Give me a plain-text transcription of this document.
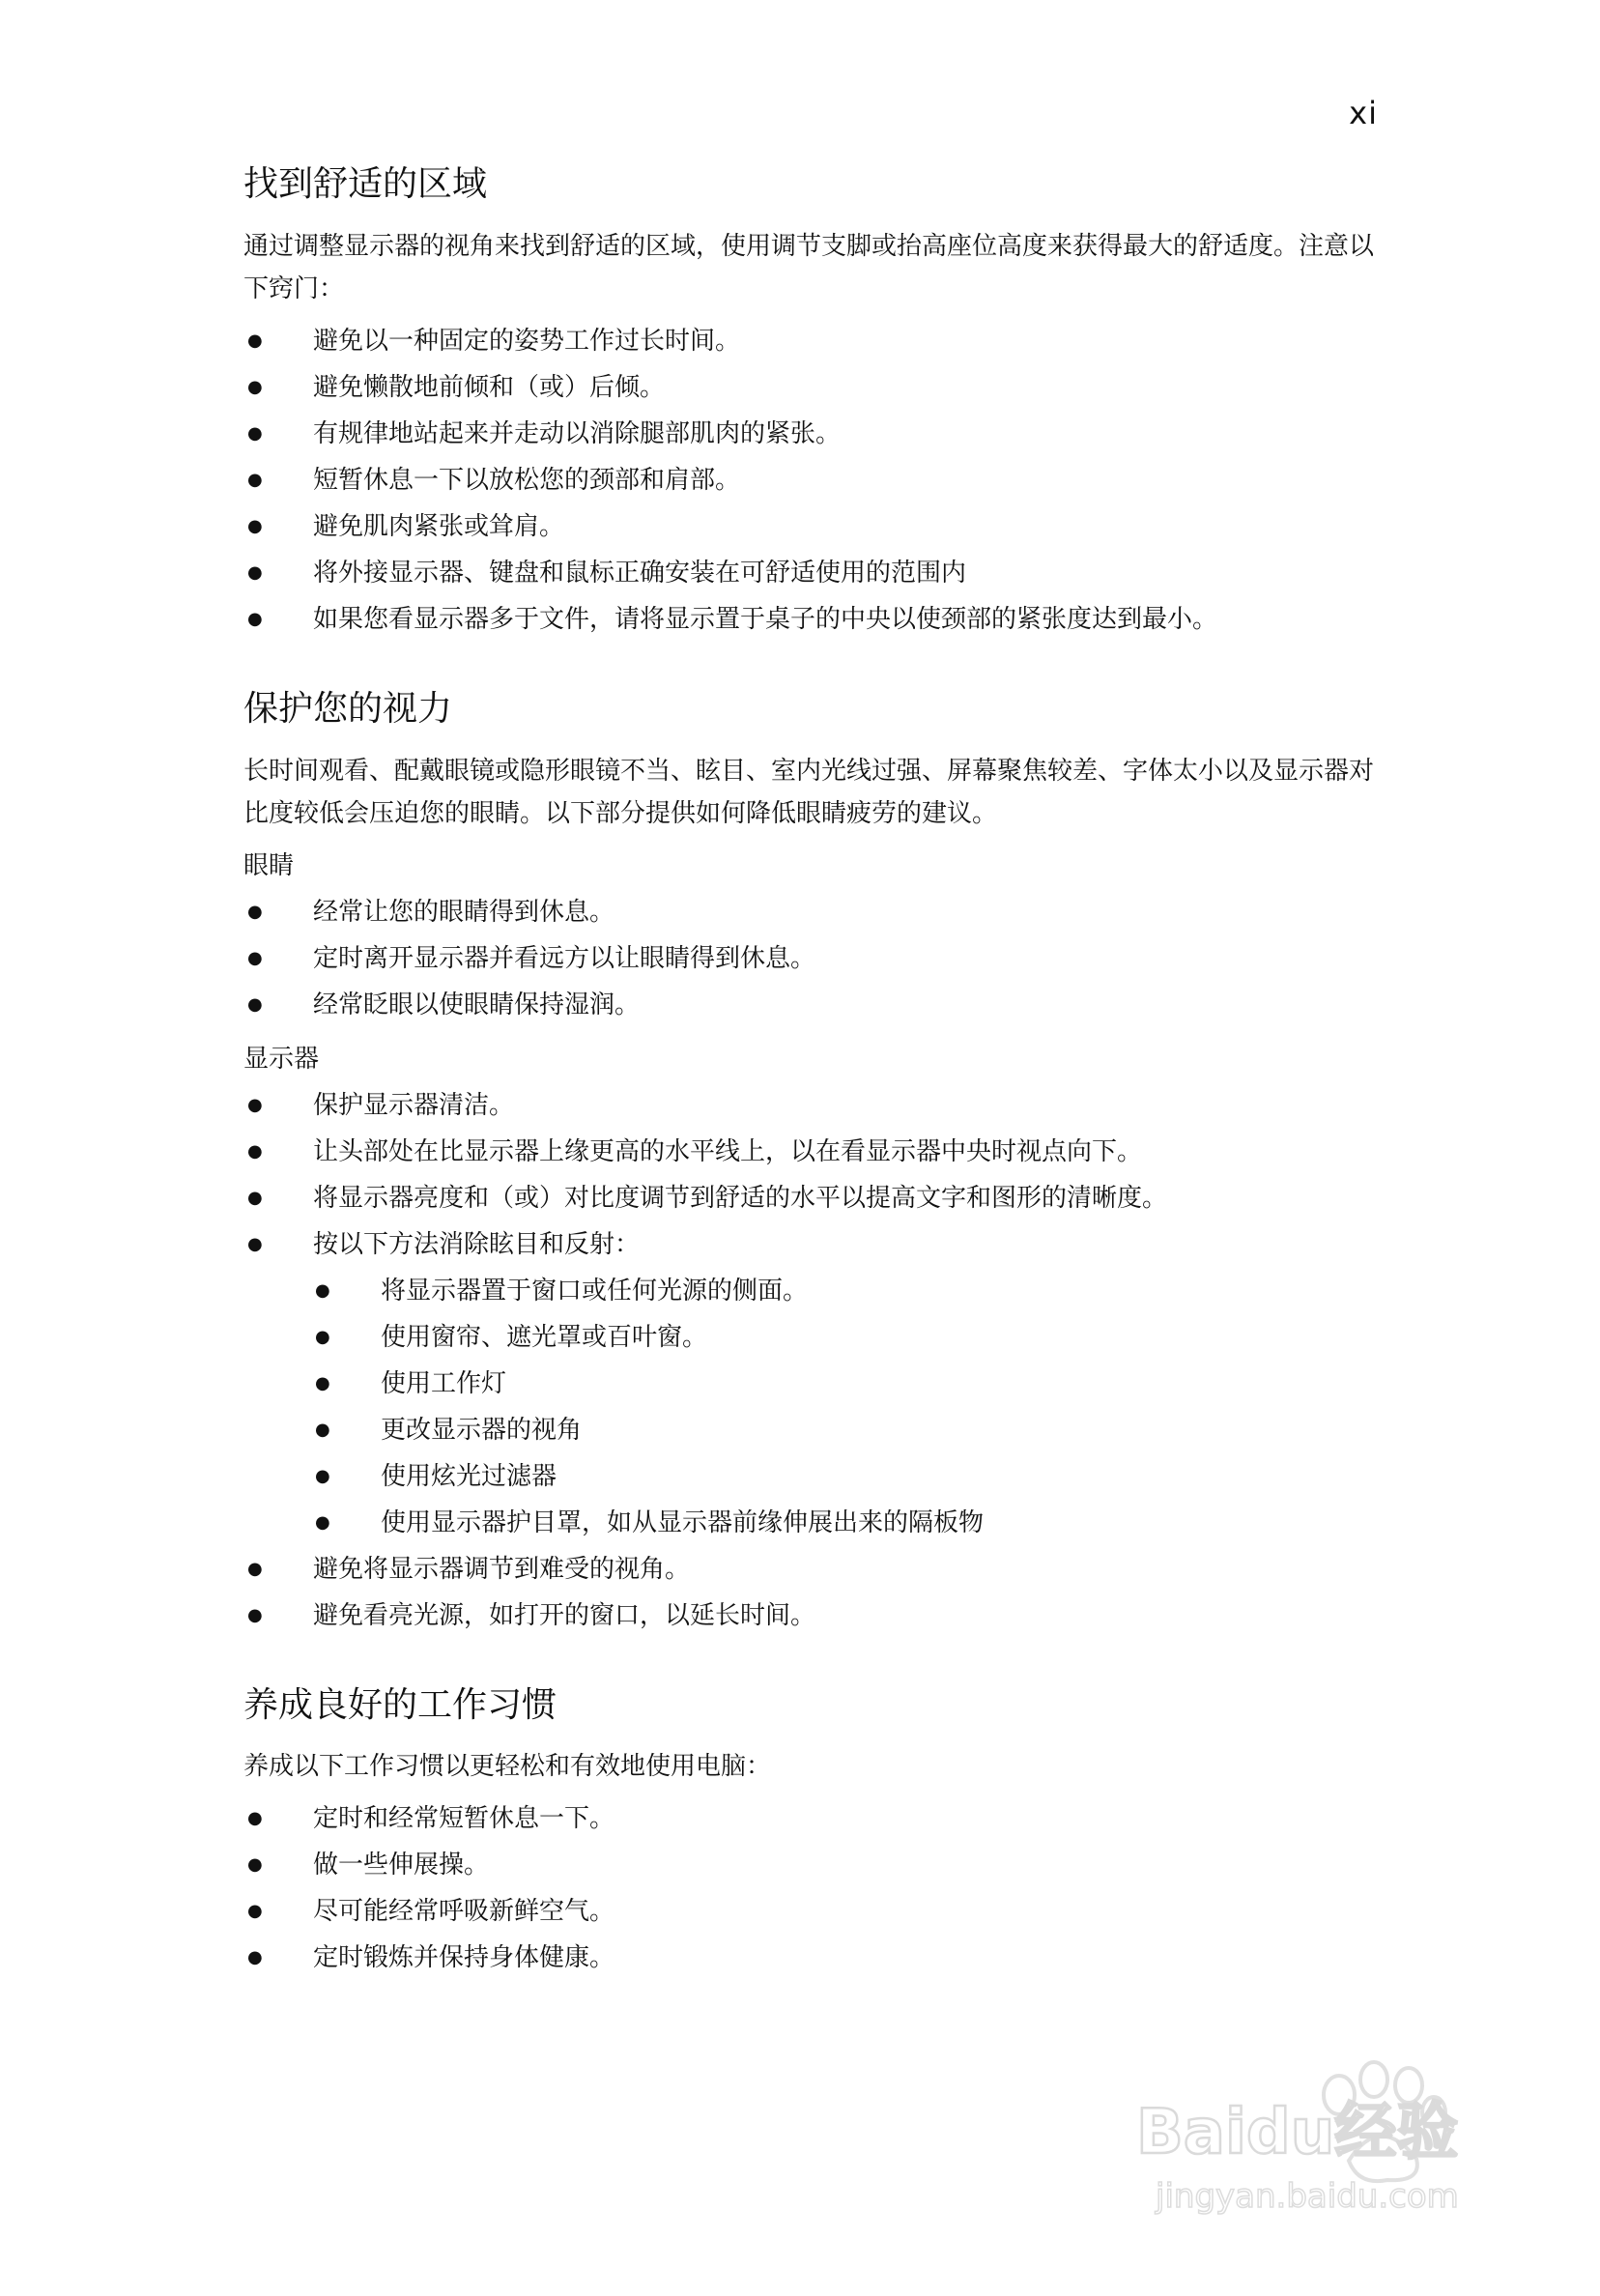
xi
找到舒适的区域

通过调整显示器的视角来找到舒适的区域，使用调节支脚或抬高座位高度来获得最大的舒适度。注意以下窍门：

● 避免以一种固定的姿势工作过长时间。
● 避免懒散地前倾和（或）后倾。
● 有规律地站起来并走动以消除腿部肌肉的紧张。
● 短暂休息一下以放松您的颈部和肩部。
● 避免肌肉紧张或耸肩。
● 将外接显示器、键盘和鼠标正确安装在可舒适使用的范围内
● 如果您看显示器多于文件，请将显示置于桌子的中央以使颈部的紧张度达到最小。
保护您的视力

长时间观看、配戴眼镜或隐形眼镜不当、眩目、室内光线过强、屏幕聚焦较差、字体太小以及显示器对比度较低会压迫您的眼睛。以下部分提供如何降低眼睛疲劳的建议。

眼睛

● 经常让您的眼睛得到休息。
● 定时离开显示器并看远方以让眼睛得到休息。
● 经常眨眼以使眼睛保持湿润。

显示器

● 保护显示器清洁。
● 让头部处在比显示器上缘更高的水平线上，以在看显示器中央时视点向下。
● 将显示器亮度和（或）对比度调节到舒适的水平以提高文字和图形的清晰度。
● 按以下方法消除眩目和反射：
● 将显示器置于窗口或任何光源的侧面。
● 使用窗帘、遮光罩或百叶窗。
● 使用工作灯
● 更改显示器的视角
● 使用炫光过滤器
● 使用显示器护目罩，如从显示器前缘伸展出来的隔板物
● 避免将显示器调节到难受的视角。
● 避免看亮光源，如打开的窗口，以延长时间。
养成良好的工作习惯

养成以下工作习惯以更轻松和有效地使用电脑：

● 定时和经常短暂休息一下。
● 做一些伸展操。
● 尽可能经常呼吸新鲜空气。
● 定时锻炼并保持身体健康。
Baidu经验
jingyan.baidu.com
